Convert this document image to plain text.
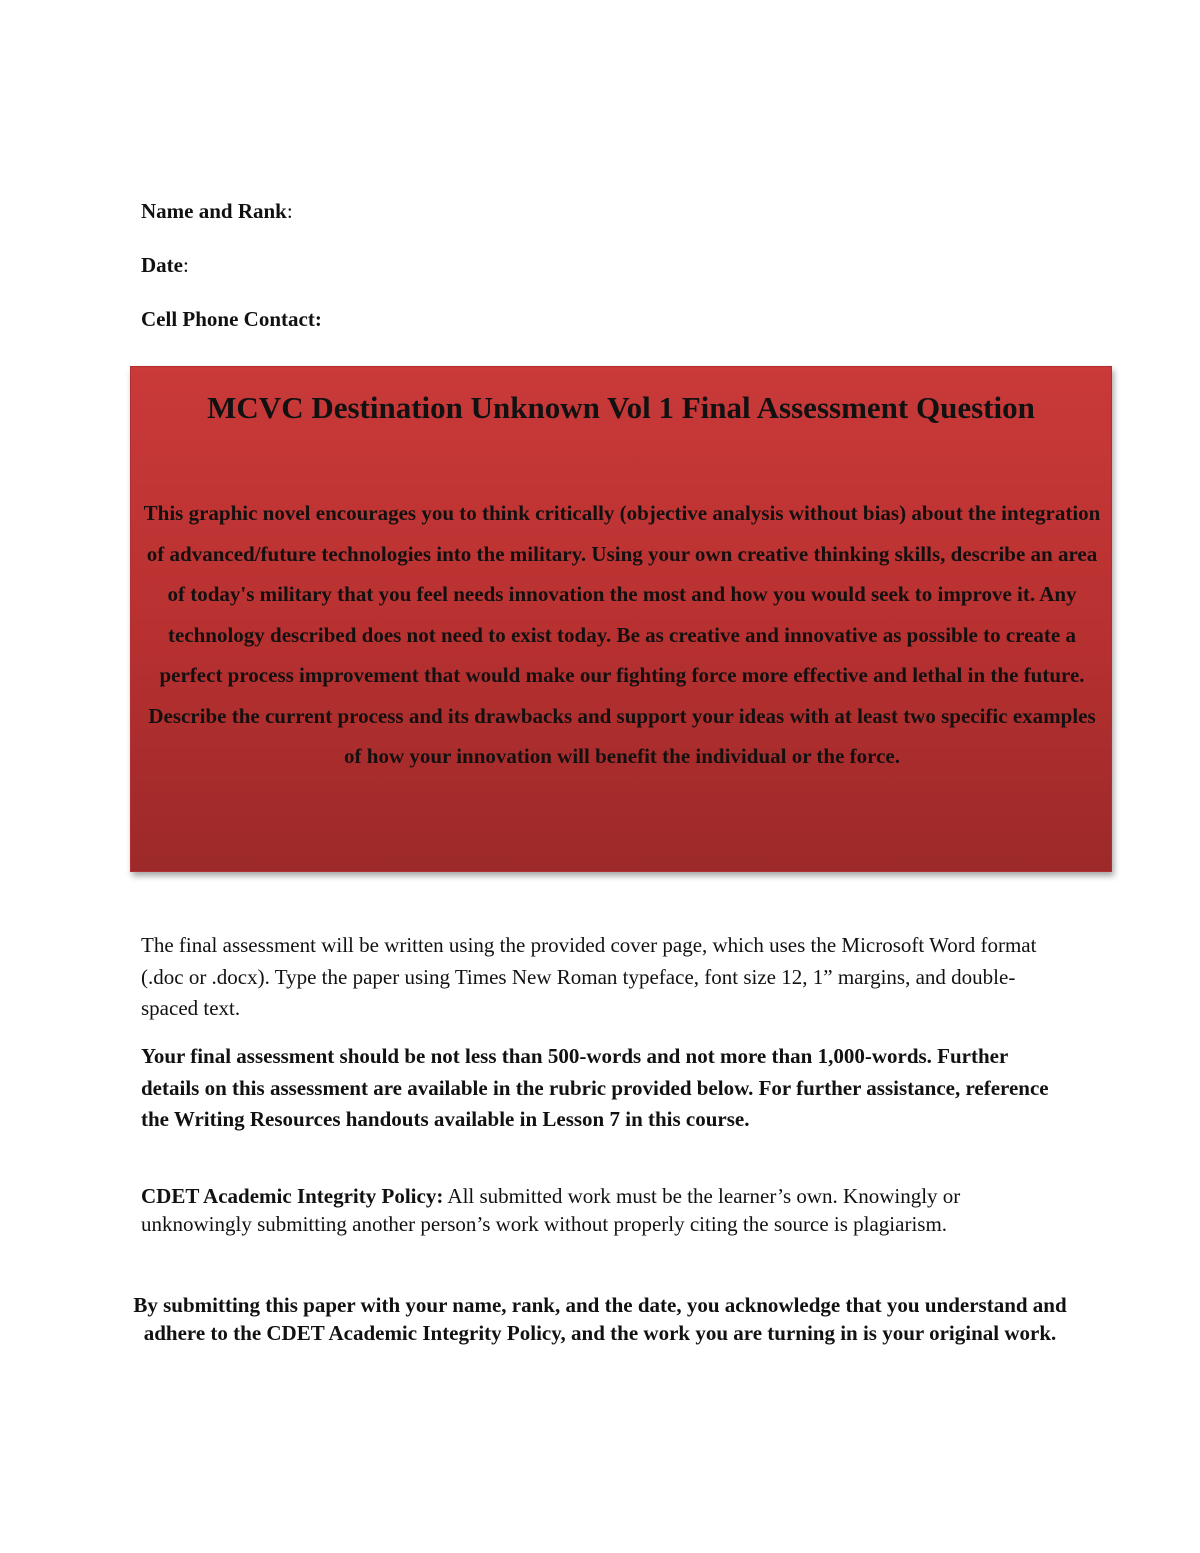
Name and Rank:
Date:
Cell Phone Contact:
MCVC Destination Unknown Vol 1 Final Assessment Question
This graphic novel encourages you to think critically (objective analysis without bias) about the integration of advanced/future technologies into the military. Using your own creative thinking skills, describe an area of today's military that you feel needs innovation the most and how you would seek to improve it. Any technology described does not need to exist today. Be as creative and innovative as possible to create a perfect process improvement that would make our fighting force more effective and lethal in the future. Describe the current process and its drawbacks and support your ideas with at least two specific examples of how your innovation will benefit the individual or the force.
The final assessment will be written using the provided cover page, which uses the Microsoft Word format (.doc or .docx). Type the paper using Times New Roman typeface, font size 12, 1” margins, and double-spaced text.
Your final assessment should be not less than 500-words and not more than 1,000-words. Further details on this assessment are available in the rubric provided below. For further assistance, reference the Writing Resources handouts available in Lesson 7 in this course.
CDET Academic Integrity Policy: All submitted work must be the learner’s own. Knowingly or unknowingly submitting another person’s work without properly citing the source is plagiarism.
By submitting this paper with your name, rank, and the date, you acknowledge that you understand and adhere to the CDET Academic Integrity Policy, and the work you are turning in is your original work.
